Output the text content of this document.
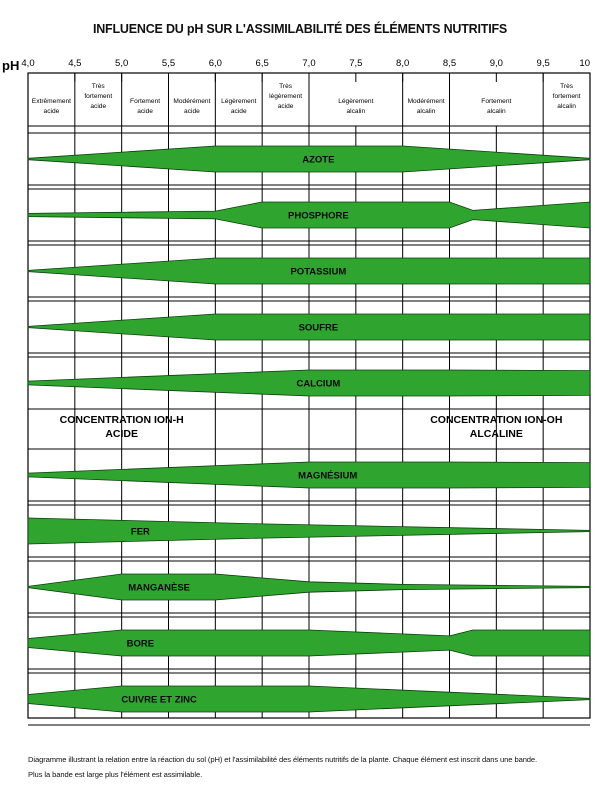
INFLUENCE DU pH SUR L'ASSIMILABILITÉ DES ÉLÉMENTS NUTRITIFS
Extrêmement acide
Très fortement acide
Fortement acide
Modérément acide
Légèrement acide
Très légèrement acide
Légèrement alcalin
Modérément alcalin
Fortement alcalin
Très fortement alcalin
AZOTE
PHOSPHORE
POTASSIUM
SOUFRE
CALCIUM
MAGNÉSIUM
FER
MANGANÈSE
BORE
CUIVRE ET ZINC
pH 4,0	4,5	5,0	5,5	6,0	6,5	7,0	7,5	8,0	8,5	9,0	9,5	10
CONCENTRATION ION-H ACIDE
CONCENTRATION ION-OH ALCALINE
Diagramme illustrant la relation entre la réaction du sol (pH) et l'assimilabilité des éléments nutritifs de la plante. Chaque élément est inscrit dans une bande.
Plus la bande est large plus l'élément est assimilable.
